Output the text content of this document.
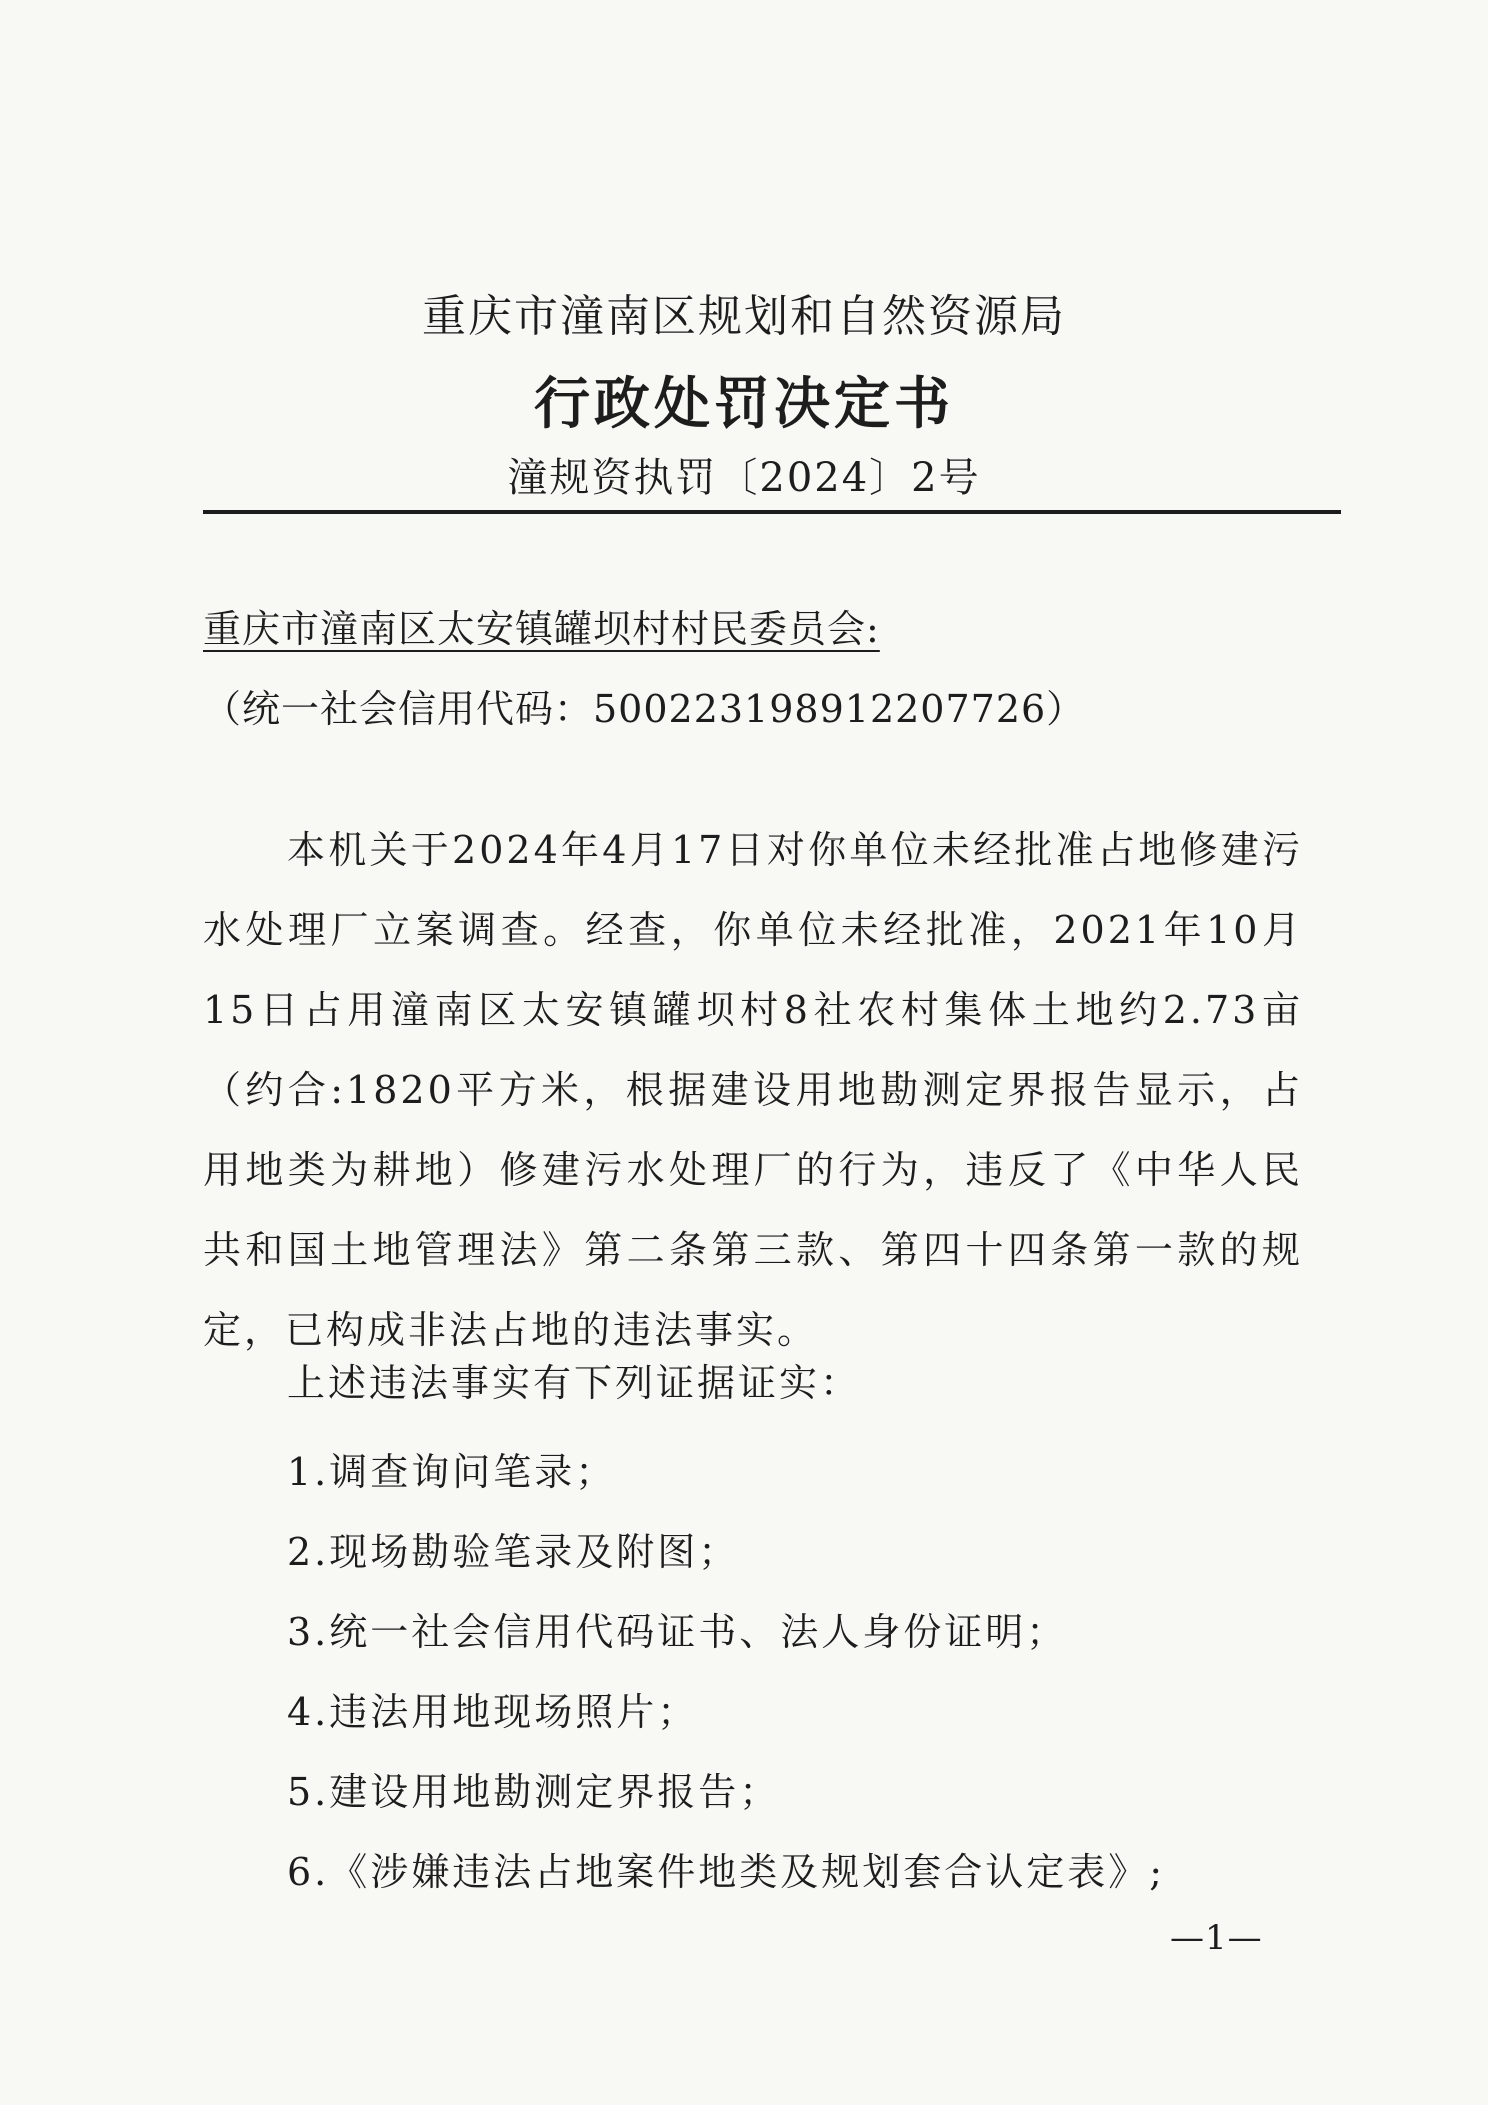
重庆市潼南区规划和自然资源局
行政处罚决定书
潼规资执罚〔2024〕2号
重庆市潼南区太安镇罐坝村村民委员会:
（统一社会信用代码：500223198912207726）
本机关于2024年4月17日对你单位未经批准占地修建污水处理厂立案调查。经查，你单位未经批准，2021年10月15日占用潼南区太安镇罐坝村8社农村集体土地约2.73亩（约合:1820平方米，根据建设用地勘测定界报告显示，占用地类为耕地）修建污水处理厂的行为，违反了《中华人民共和国土地管理法》第二条第三款、第四十四条第一款的规定，已构成非法占地的违法事实。
上述违法事实有下列证据证实：
1.调查询问笔录；
2.现场勘验笔录及附图；
3.统一社会信用代码证书、法人身份证明；
4.违法用地现场照片；
5.建设用地勘测定界报告；
6.《涉嫌违法占地案件地类及规划套合认定表》;
—1—
